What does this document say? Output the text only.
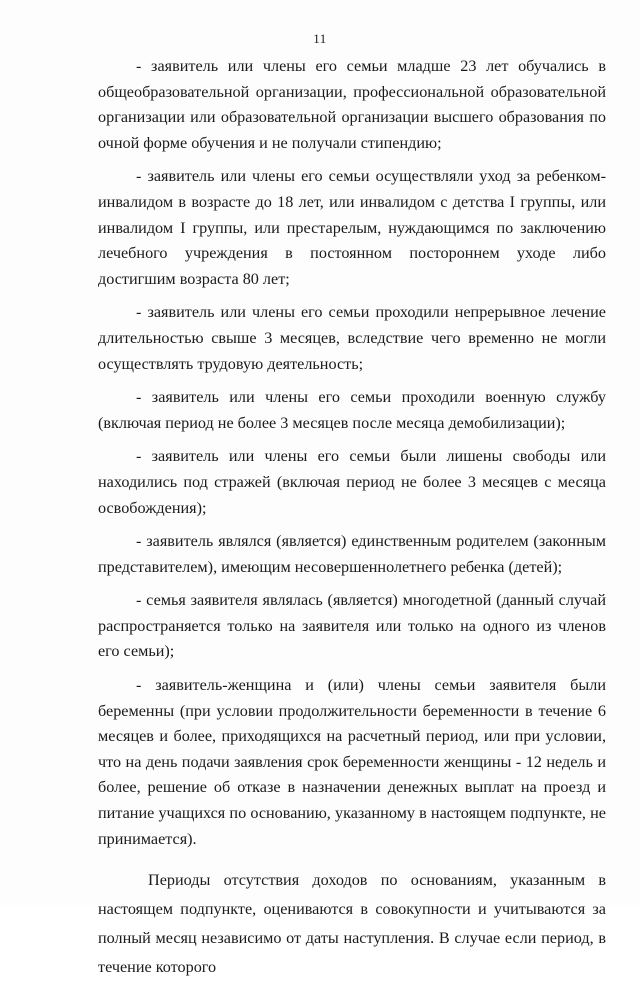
11

- заявитель или члены его семьи младше 23 лет обучались в общеобразовательной организации, профессиональной образовательной организации или образовательной организации высшего образования по очной форме обучения и не получали стипендию;

- заявитель или члены его семьи осуществляли уход за ребенком-инвалидом в возрасте до 18 лет, или инвалидом с детства I группы, или инвалидом I группы, или престарелым, нуждающимся по заключению лечебного учреждения в постоянном постороннем уходе либо достигшим возраста 80 лет;

- заявитель или члены его семьи проходили непрерывное лечение длительностью свыше 3 месяцев, вследствие чего временно не могли осуществлять трудовую деятельность;

- заявитель или члены его семьи проходили военную службу (включая период не более 3 месяцев после месяца демобилизации);

- заявитель или члены его семьи были лишены свободы или находились под стражей (включая период не более 3 месяцев с месяца освобождения);

- заявитель являлся (является) единственным родителем (законным представителем), имеющим несовершеннолетнего ребенка (детей);

- семья заявителя являлась (является) многодетной (данный случай распространяется только на заявителя или только на одного из членов его семьи);

- заявитель-женщина и (или) члены семьи заявителя были беременны (при условии продолжительности беременности в течение 6 месяцев и более, приходящихся на расчетный период, или при условии, что на день подачи заявления срок беременности женщины - 12 недель и более, решение об отказе в назначении денежных выплат на проезд и питание учащихся по основанию, указанному в настоящем подпункте, не принимается).

Периоды отсутствия доходов по основаниям, указанным в настоящем подпункте, оцениваются в совокупности и учитываются за полный месяц независимо от даты наступления. В случае если период, в течение которого
